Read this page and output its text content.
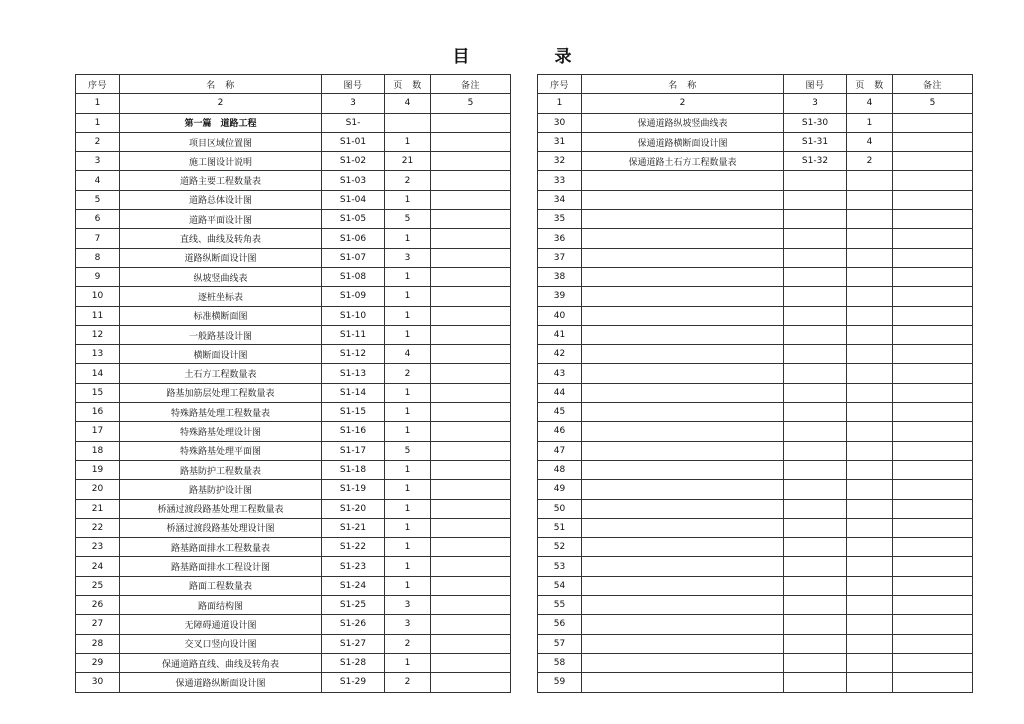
目　录
序号	名　称	图号	页　数	备注
1	2	3	4	5
1	第一篇　道路工程	S1-		
2	项目区域位置图	S1-01	1	
3	施工图设计说明	S1-02	21	
4	道路主要工程数量表	S1-03	2	
5	道路总体设计图	S1-04	1	
6	道路平面设计图	S1-05	5	
7	直线、曲线及转角表	S1-06	1	
8	道路纵断面设计图	S1-07	3	
9	纵坡竖曲线表	S1-08	1	
10	逐桩坐标表	S1-09	1	
11	标准横断面图	S1-10	1	
12	一般路基设计图	S1-11	1	
13	横断面设计图	S1-12	4	
14	土石方工程数量表	S1-13	2	
15	路基加筋层处理工程数量表	S1-14	1	
16	特殊路基处理工程数量表	S1-15	1	
17	特殊路基处理设计图	S1-16	1	
18	特殊路基处理平面图	S1-17	5	
19	路基防护工程数量表	S1-18	1	
20	路基防护设计图	S1-19	1	
21	桥涵过渡段路基处理工程数量表	S1-20	1	
22	桥涵过渡段路基处理设计图	S1-21	1	
23	路基路面排水工程数量表	S1-22	1	
24	路基路面排水工程设计图	S1-23	1	
25	路面工程数量表	S1-24	1	
26	路面结构图	S1-25	3	
27	无障碍通道设计图	S1-26	3	
28	交叉口竖向设计图	S1-27	2	
29	保通道路直线、曲线及转角表	S1-28	1	
30	保通道路纵断面设计图	S1-29	2	
序号	名　称	图号	页　数	备注
1	2	3	4	5
30	保通道路纵坡竖曲线表	S1-30	1	
31	保通道路横断面设计图	S1-31	4	
32	保通道路土石方工程数量表	S1-32	2	
33				
34				
35				
36				
37				
38				
39				
40				
41				
42				
43				
44				
45				
46				
47				
48				
49				
50				
51				
52				
53				
54				
55				
56				
57				
58				
59				
